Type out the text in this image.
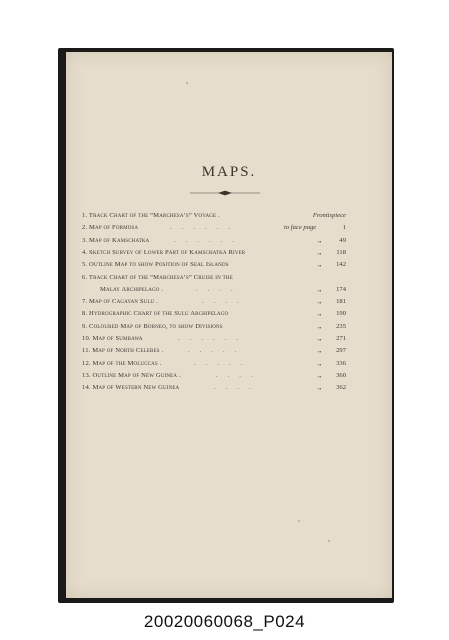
MAPS.
1. Track Chart of the “Marchesa’s” Voyage .	Frontispiece
2. Map of Formosa	......	to face page	1
3. Map of Kamschatka	......	,,	49
4. Sketch Survey of Lower Part of Kamschatka River	,, 118
5. Outline Map to show Position of Seal Islands	,, 142
6. Track Chart of the “Marchesa’s” Cruise in the
Malay Archipelago .	....	,, 174
7. Map of Cagayan Sulu .	....	,, 181
8. Hydrographic Chart of the Sulu Archipelago	,, 190
9. Coloured Map of Borneo, to show Divisions	,, 235
10. Map of Sumbawa	......	,, 271
11. Map of North Celebes .	.....	,, 297
12. Map of the Moluccas .	.....	,, 336
13. Outline Map of New Guinea .	....	,, 360
14. Map of Western New Guinea	....	,, 362
20020060068_P024
